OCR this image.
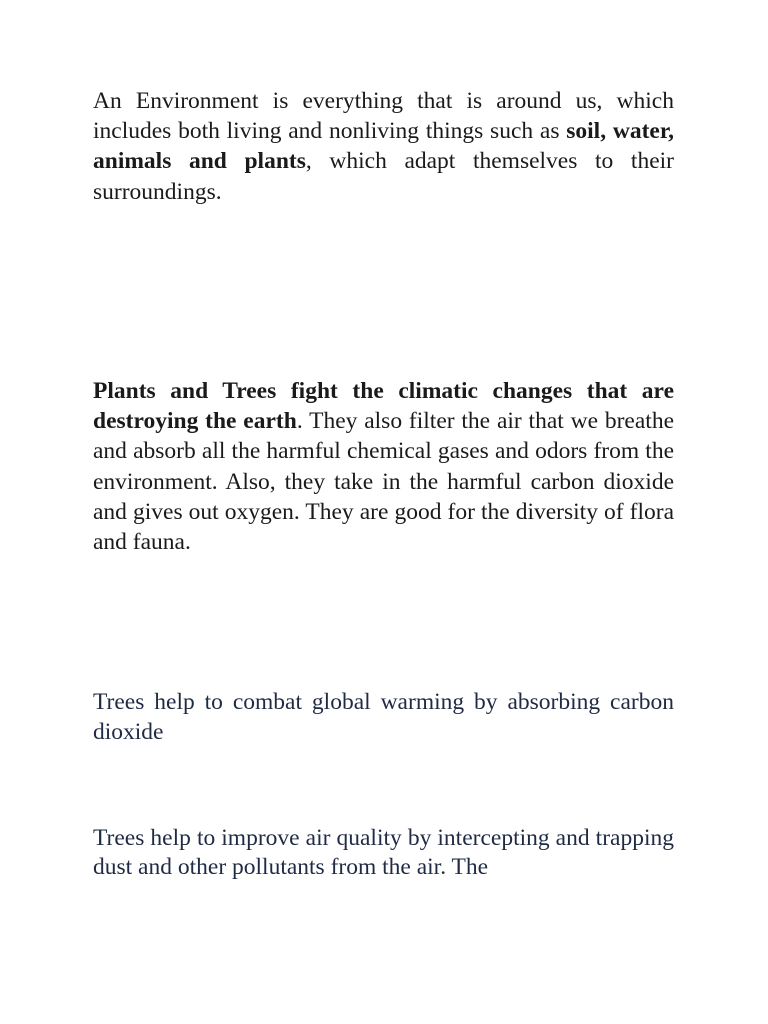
An Environment is everything that is around us, which includes both living and nonliving things such as soil, water, animals and plants, which adapt themselves to their surroundings.

Plants and Trees fight the climatic changes that are destroying the earth. They also filter the air that we breathe and absorb all the harmful chemical gases and odors from the environment. Also, they take in the harmful carbon dioxide and gives out oxygen. They are good for the diversity of flora and fauna.

Trees help to combat global warming by absorbing carbon dioxide

Trees help to improve air quality by intercepting and trapping dust and other pollutants from the air. The
